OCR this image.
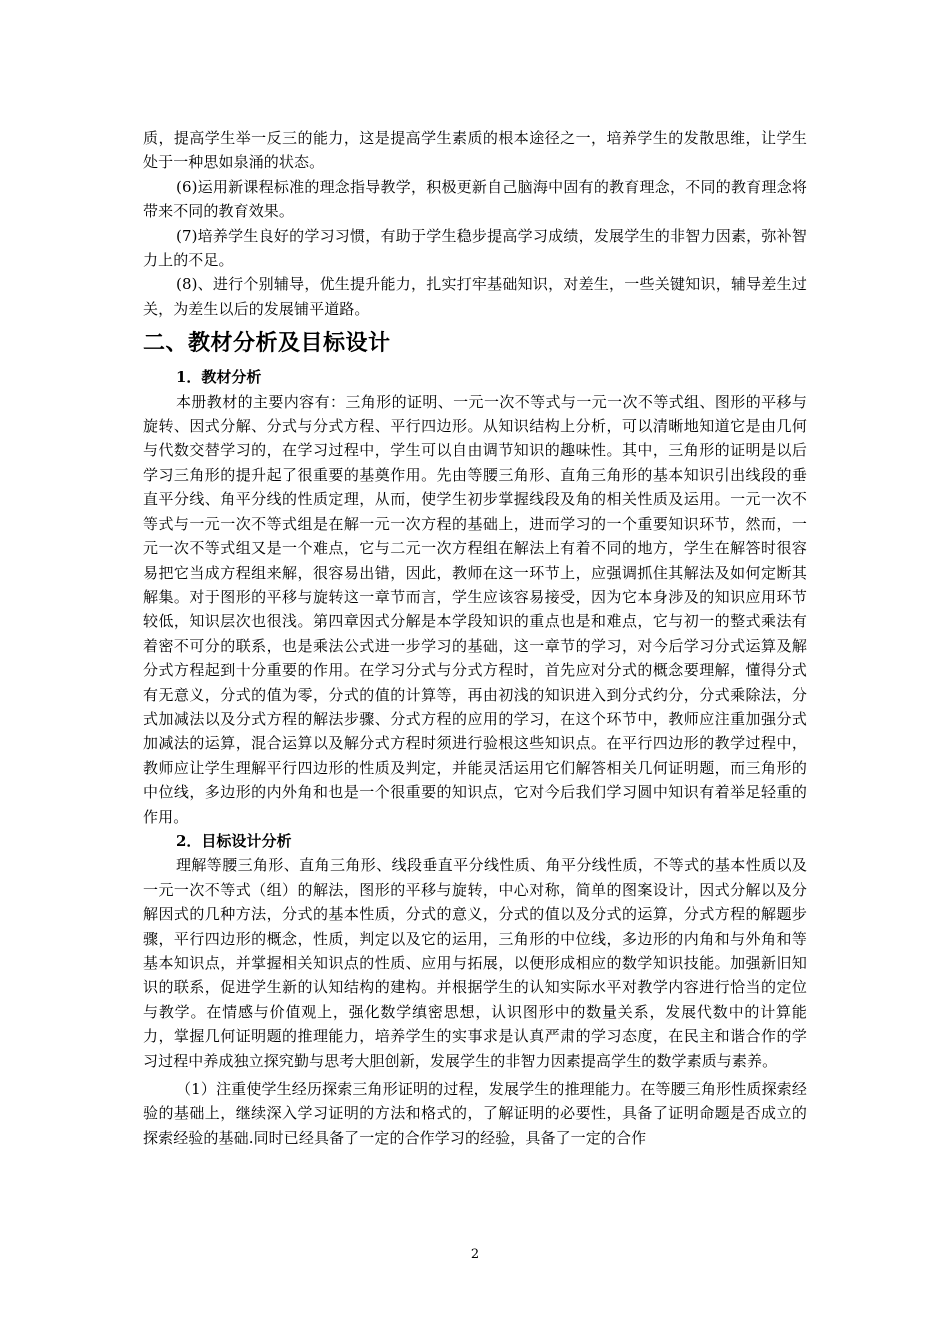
质，提高学生举一反三的能力，这是提高学生素质的根本途径之一，培养学生的发散思维，让学生处于一种思如泉涌的状态。

(6)运用新课程标准的理念指导教学，积极更新自己脑海中固有的教育理念，不同的教育理念将带来不同的教育效果。

(7)培养学生良好的学习习惯，有助于学生稳步提高学习成绩，发展学生的非智力因素，弥补智力上的不足。

(8)、进行个别辅导，优生提升能力，扎实打牢基础知识，对差生，一些关键知识，辅导差生过关，为差生以后的发展铺平道路。

二、教材分析及目标设计

1．教材分析

本册教材的主要内容有：三角形的证明、一元一次不等式与一元一次不等式组、图形的平移与旋转、因式分解、分式与分式方程、平行四边形。从知识结构上分析，可以清晰地知道它是由几何与代数交替学习的，在学习过程中，学生可以自由调节知识的趣味性。其中，三角形的证明是以后学习三角形的提升起了很重要的基奠作用。先由等腰三角形、直角三角形的基本知识引出线段的垂直平分线、角平分线的性质定理，从而，使学生初步掌握线段及角的相关性质及运用。一元一次不等式与一元一次不等式组是在解一元一次方程的基础上，进而学习的一个重要知识环节，然而，一元一次不等式组又是一个难点，它与二元一次方程组在解法上有着不同的地方，学生在解答时很容易把它当成方程组来解，很容易出错，因此，教师在这一环节上，应强调抓住其解法及如何定断其解集。对于图形的平移与旋转这一章节而言，学生应该容易接受，因为它本身涉及的知识应用环节较低，知识层次也很浅。第四章因式分解是本学段知识的重点也是和难点，它与初一的整式乘法有着密不可分的联系，也是乘法公式进一步学习的基础，这一章节的学习，对今后学习分式运算及解分式方程起到十分重要的作用。在学习分式与分式方程时，首先应对分式的概念要理解，懂得分式有无意义，分式的值为零，分式的值的计算等，再由初浅的知识进入到分式约分，分式乘除法，分式加减法以及分式方程的解法步骤、分式方程的应用的学习，在这个环节中，教师应注重加强分式加减法的运算，混合运算以及解分式方程时须进行验根这些知识点。在平行四边形的教学过程中，教师应让学生理解平行四边形的性质及判定，并能灵活运用它们解答相关几何证明题，而三角形的中位线，多边形的内外角和也是一个很重要的知识点，它对今后我们学习圆中知识有着举足轻重的作用。

2．目标设计分析

理解等腰三角形、直角三角形、线段垂直平分线性质、角平分线性质，不等式的基本性质以及一元一次不等式（组）的解法，图形的平移与旋转，中心对称，简单的图案设计，因式分解以及分解因式的几种方法，分式的基本性质，分式的意义，分式的值以及分式的运算，分式方程的解题步骤，平行四边形的概念，性质，判定以及它的运用，三角形的中位线，多边形的内角和与外角和等基本知识点，并掌握相关知识点的性质、应用与拓展，以便形成相应的数学知识技能。加强新旧知识的联系，促进学生新的认知结构的建构。并根据学生的认知实际水平对教学内容进行恰当的定位与教学。在情感与价值观上，强化数学缜密思想，认识图形中的数量关系，发展代数中的计算能力，掌握几何证明题的推理能力，培养学生的实事求是认真严肃的学习态度，在民主和谐合作的学习过程中养成独立探究勤与思考大胆创新，发展学生的非智力因素提高学生的数学素质与素养。

（1）注重使学生经历探索三角形证明的过程，发展学生的推理能力。在等腰三角形性质探索经验的基础上，继续深入学习证明的方法和格式的，了解证明的必要性，具备了证明命题是否成立的探索经验的基础.同时已经具备了一定的合作学习的经验，具备了一定的合作

2
